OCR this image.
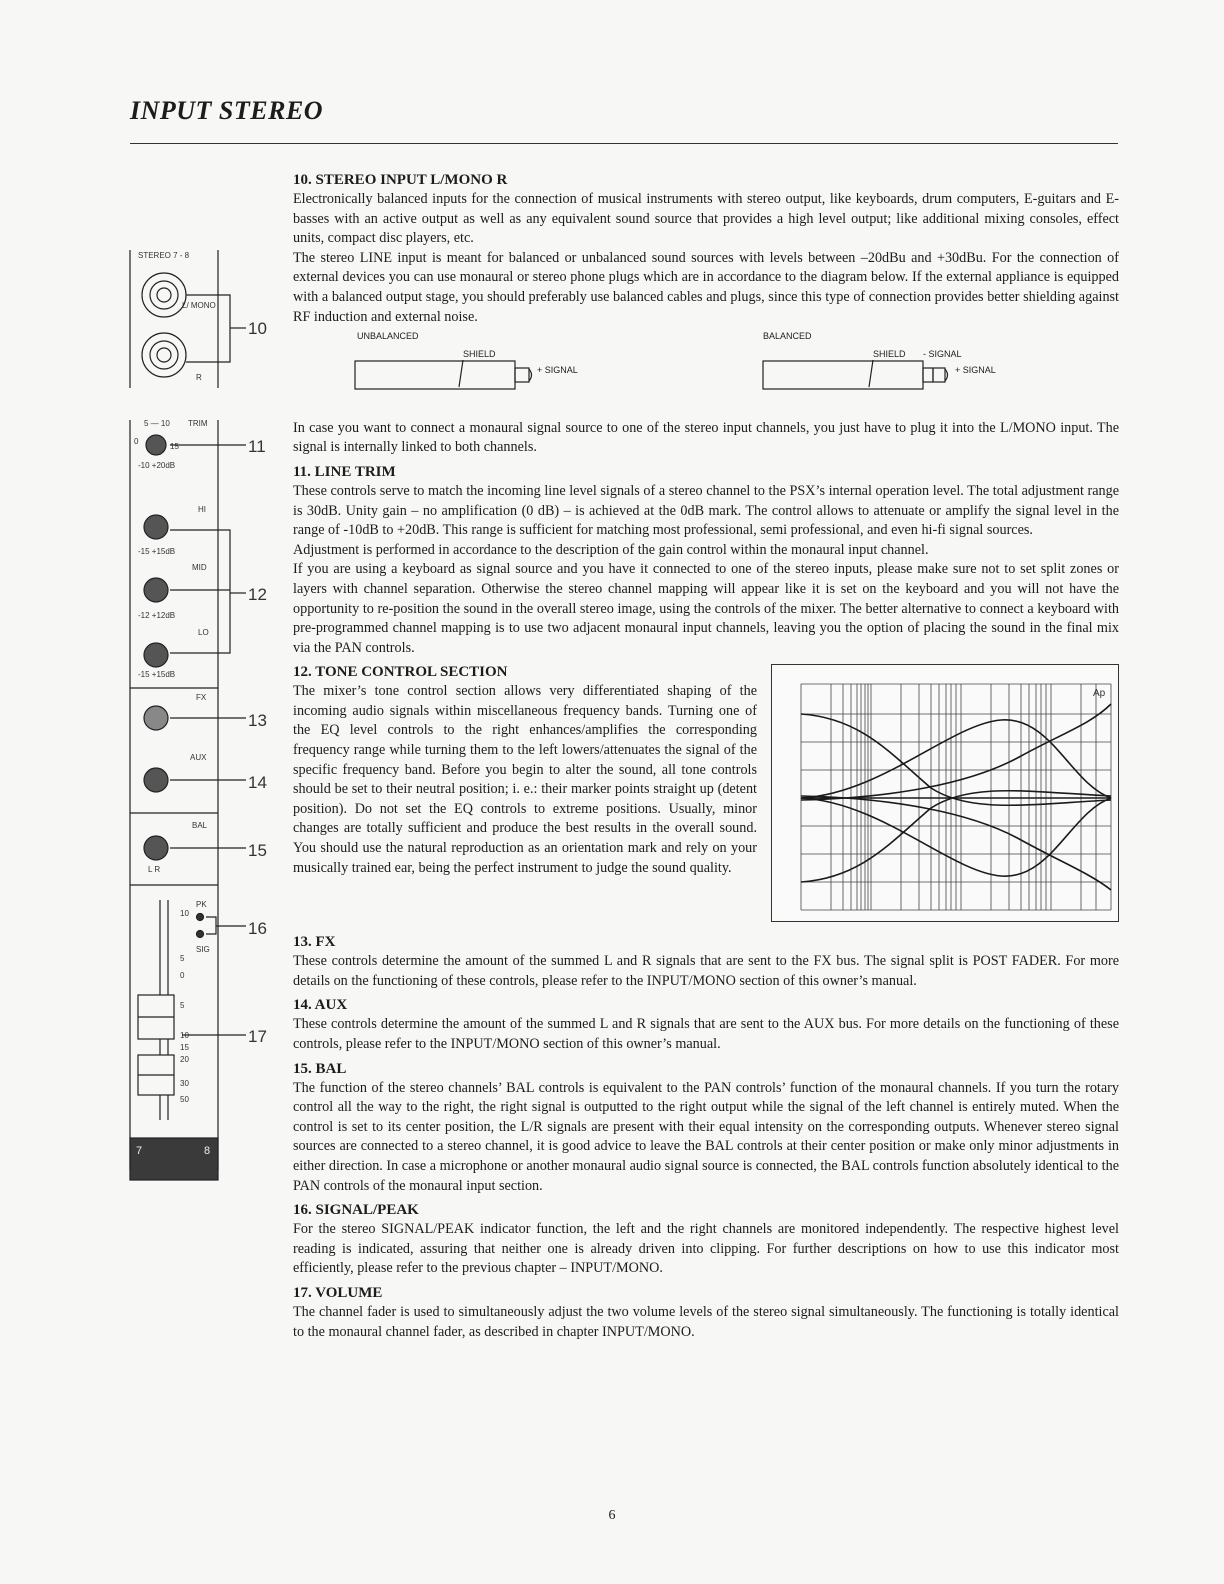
INPUT STEREO
STEREO 7 - 8
L/ MONO
R
10
TRIM
5 — 10
0
15
-10 +20dB
11
HI
-15 +15dB
MID
-12 +12dB
LO
-15 +15dB
12
FX
13
AUX
14
BAL
L R
15
PK
SIG
16
10
5
0
5
10
15
20
30
50
17
7	8
10. STEREO INPUT L/MONO R

Electronically balanced inputs for the connection of musical instruments with stereo output, like keyboards, drum computers, E-guitars and E-basses with an active output as well as any equivalent sound source that provides a high level output; like additional mixing consoles, effect units, compact disc players, etc.

The stereo LINE input is meant for balanced or unbalanced sound sources with levels between –20dBu and +30dBu. For the connection of external devices you can use monaural or stereo phone plugs which are in accordance to the diagram below. If the external appliance is equipped with a balanced output stage, you should preferably use balanced cables and plugs, since this type of connection provides better shielding against RF induction and external noise.

UNBALANCED	BALANCED
SHIELD
+ SIGNAL
SHIELD - SIGNAL
+ SIGNAL

In case you want to connect a monaural signal source to one of the stereo input channels, you just have to plug it into the L/MONO input. The signal is internally linked to both channels.

11. LINE TRIM

These controls serve to match the incoming line level signals of a stereo channel to the PSX’s internal operation level. The total adjustment range is 30dB. Unity gain – no amplification (0 dB) – is achieved at the 0dB mark. The control allows to attenuate or amplify the signal level in the range of -10dB to +20dB. This range is sufficient for matching most professional, semi professional, and even hi-fi signal sources.

Adjustment is performed in accordance to the description of the gain control within the monaural input channel.

If you are using a keyboard as signal source and you have it connected to one of the stereo inputs, please make sure not to set split zones or layers with channel separation. Otherwise the stereo channel mapping will appear like it is set on the keyboard and you will not have the opportunity to re-position the sound in the overall stereo image, using the controls of the mixer. The better alternative to connect a keyboard with pre-programmed channel mapping is to use two adjacent monaural input channels, leaving you the option of placing the sound in the final mix via the PAN controls.

Ap
12. TONE CONTROL SECTION

The mixer’s tone control section allows very differentiated shaping of the incoming audio signals within miscellaneous frequency bands. Turning one of the EQ level controls to the right enhances/amplifies the corresponding frequency range while turning them to the left lowers/attenuates the signal of the specific frequency band. Before you begin to alter the sound, all tone controls should be set to their neutral position; i. e.: their marker points straight up (detent position). Do not set the EQ controls to extreme positions. Usually, minor changes are totally sufficient and produce the best results in the overall sound. You should use the natural reproduction as an orientation mark and rely on your musically trained ear, being the perfect instrument to judge the sound quality.

13. FX

These controls determine the amount of the summed L and R signals that are sent to the FX bus. The signal split is POST FADER. For more details on the functioning of these controls, please refer to the INPUT/MONO section of this owner’s manual.

14. AUX

These controls determine the amount of the summed L and R signals that are sent to the AUX bus. For more details on the functioning of these controls, please refer to the INPUT/MONO section of this owner’s manual.

15. BAL

The function of the stereo channels’ BAL controls is equivalent to the PAN controls’ function of the monaural channels. If you turn the rotary control all the way to the right, the right signal is outputted to the right output while the signal of the left channel is entirely muted. When the control is set to its center position, the L/R signals are present with their equal intensity on the corresponding outputs. Whenever stereo signal sources are connected to a stereo channel, it is good advice to leave the BAL controls at their center position or make only minor adjustments in either direction. In case a microphone or another monaural audio signal source is connected, the BAL controls function absolutely identical to the PAN controls of the monaural input section.

16. SIGNAL/PEAK

For the stereo SIGNAL/PEAK indicator function, the left and the right channels are monitored independently. The respective highest level reading is indicated, assuring that neither one is already driven into clipping. For further descriptions on how to use this indicator most efficiently, please refer to the previous chapter – INPUT/MONO.

17. VOLUME

The channel fader is used to simultaneously adjust the two volume levels of the stereo signal simultaneously. The functioning is totally identical to the monaural channel fader, as described in chapter INPUT/MONO.

6
